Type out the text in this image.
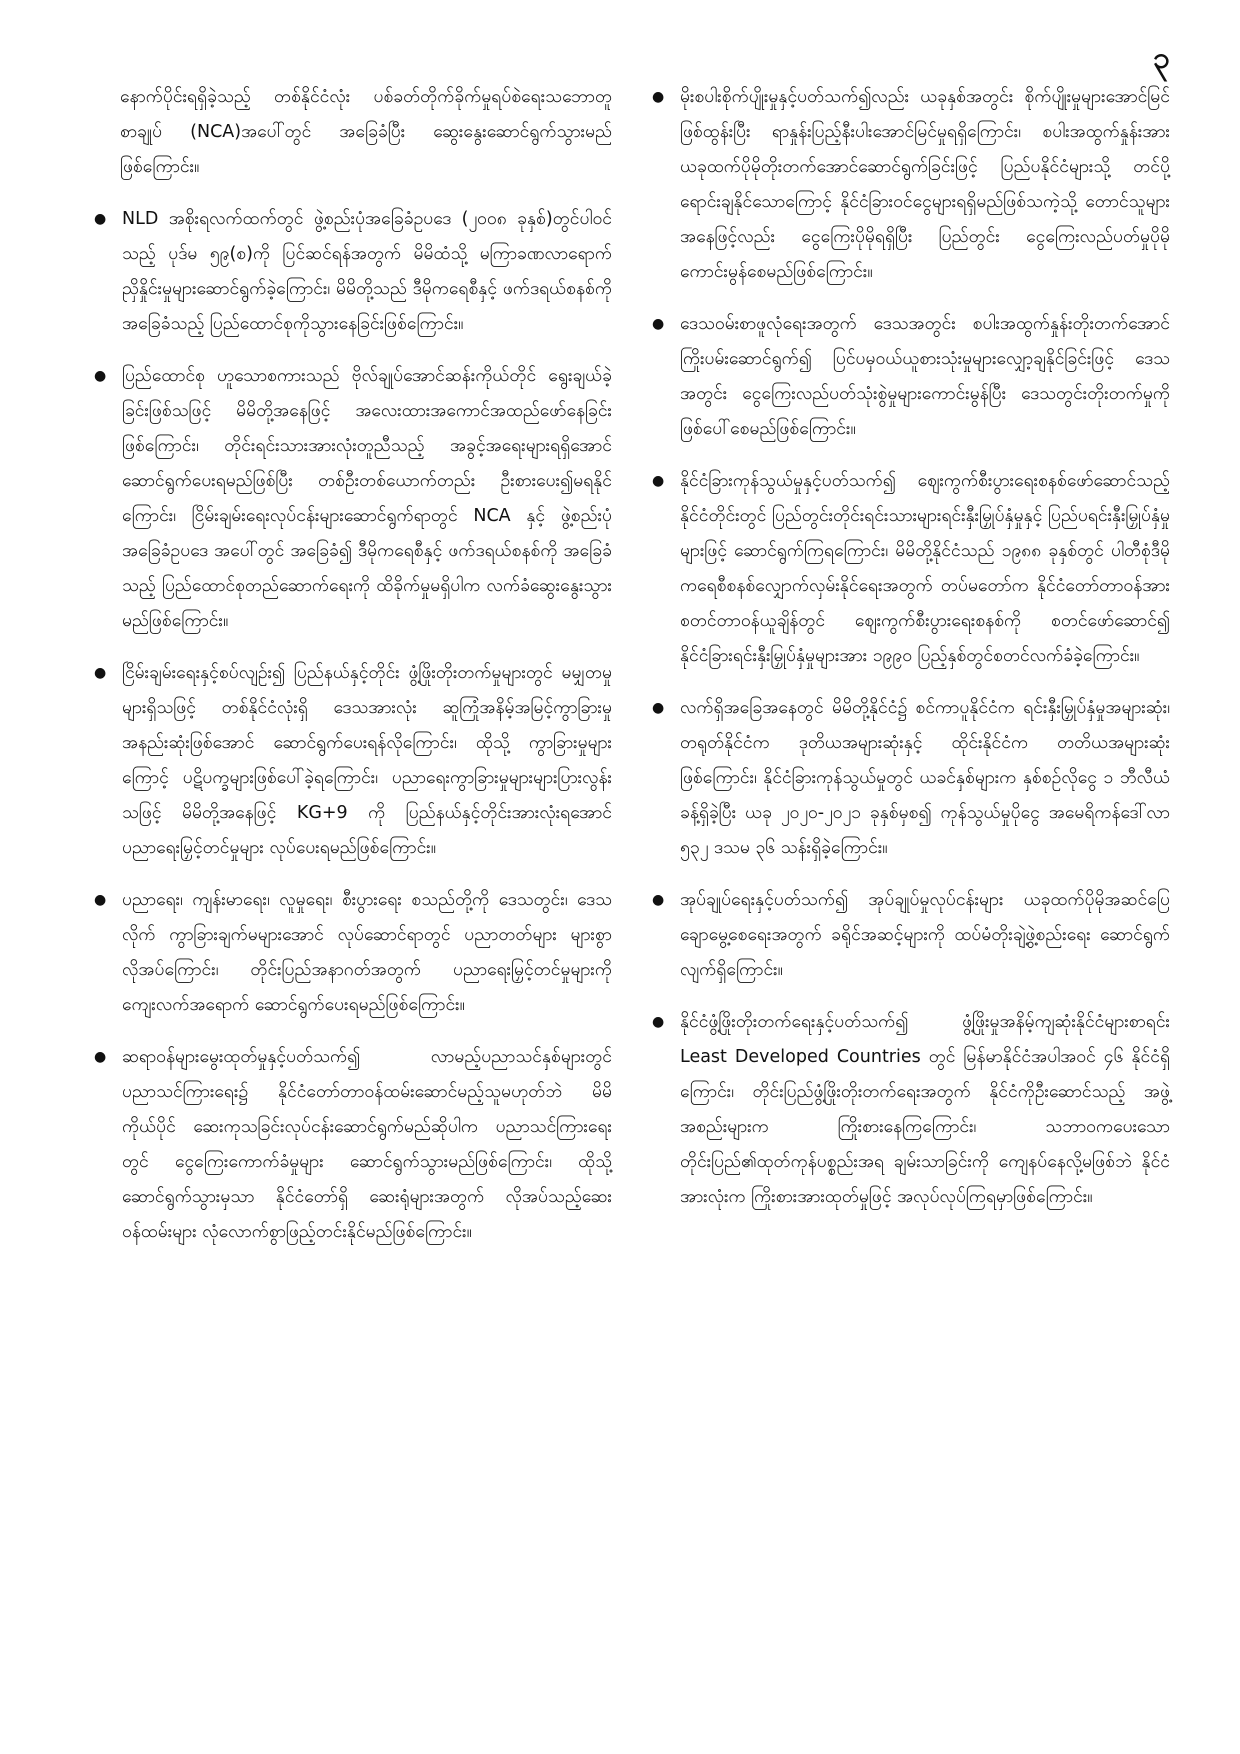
၃

နောက်ပိုင်းရရှိခဲ့သည့် တစ်နိုင်ငံလုံး ပစ်ခတ်တိုက်ခိုက်မှုရပ်စဲရေးသဘောတူစာချုပ် (NCA)အပေါ်တွင် အခြေခံပြီး ဆွေးနွေးဆောင်ရွက်သွားမည်ဖြစ်ကြောင်း။

● NLD အစိုးရလက်ထက်တွင် ဖွဲ့စည်းပုံအခြေခံဥပဒေ (၂၀၀၈ ခုနှစ်)တွင်ပါဝင်သည့် ပုဒ်မ ၅၉(စ)ကို ပြင်ဆင်ရန်အတွက် မိမိထံသို့ မကြာခဏလာရောက်ညှိနှိုင်းမှုများဆောင်ရွက်ခဲ့ကြောင်း၊ မိမိတို့သည် ဒီမိုကရေစီနှင့် ဖက်ဒရယ်စနစ်ကို အခြေခံသည့် ပြည်ထောင်စုကိုသွားနေခြင်းဖြစ်ကြောင်း။
● ပြည်ထောင်စု ဟူသောစကားသည် ဗိုလ်ချုပ်အောင်ဆန်းကိုယ်တိုင် ရွေးချယ်ခဲ့ခြင်းဖြစ်သဖြင့် မိမိတို့အနေဖြင့် အလေးထားအကောင်အထည်ဖော်နေခြင်း ဖြစ်ကြောင်း၊ တိုင်းရင်းသားအားလုံးတူညီသည့် အခွင့်အရေးများရရှိအောင် ဆောင်ရွက်ပေးရမည်ဖြစ်ပြီး တစ်ဦးတစ်ယောက်တည်း ဦးစားပေး၍မရနိုင်ကြောင်း၊ ငြိမ်းချမ်းရေးလုပ်ငန်းများဆောင်ရွက်ရာတွင် NCA နှင့် ဖွဲ့စည်းပုံအခြေခံဥပဒေ အပေါ်တွင် အခြေခံ၍ ဒီမိုကရေစီနှင့် ဖက်ဒရယ်စနစ်ကို အခြေခံသည့် ပြည်ထောင်စုတည်ဆောက်ရေးကို ထိခိုက်မှုမရှိပါက လက်ခံဆွေးနွေးသွားမည်ဖြစ်ကြောင်း။
● ငြိမ်းချမ်းရေးနှင့်စပ်လျဉ်း၍ ပြည်နယ်နှင့်တိုင်း ဖွံ့ဖြိုးတိုးတက်မှုများတွင် မမျှတမှုများရှိသဖြင့် တစ်နိုင်ငံလုံးရှိ ဒေသအားလုံး ဆူကြုံအနိမ့်အမြင့်ကွာခြားမှုအနည်းဆုံးဖြစ်အောင် ဆောင်ရွက်ပေးရန်လိုကြောင်း၊ ထိုသို့ ကွာခြားမှုများကြောင့် ပဋိပက္ခများဖြစ်ပေါ်ခဲ့ရကြောင်း၊ ပညာရေးကွာခြားမှုများများပြားလွန်းသဖြင့် မိမိတို့အနေဖြင့် KG+9 ကို ပြည်နယ်နှင့်တိုင်းအားလုံးရအောင် ပညာရေးမြှင့်တင်မှုများ လုပ်ပေးရမည်ဖြစ်ကြောင်း။
● ပညာရေး၊ ကျန်းမာရေး၊ လူမှုရေး၊ စီးပွားရေး စသည်တို့ကို ဒေသတွင်း၊ ဒေသလိုက် ကွာခြားချက်မများအောင် လုပ်ဆောင်ရာတွင် ပညာတတ်များ များစွာလိုအပ်ကြောင်း၊ တိုင်းပြည်အနာဂတ်အတွက် ပညာရေးမြှင့်တင်မှုများကို ကျေးလက်အရောက် ဆောင်ရွက်ပေးရမည်ဖြစ်ကြောင်း။
● ဆရာဝန်များမွေးထုတ်မှုနှင့်ပတ်သက်၍ လာမည့်ပညာသင်နှစ်များတွင် ပညာသင်ကြားရေး၌ နိုင်ငံတော်တာဝန်ထမ်းဆောင်မည့်သူမဟုတ်ဘဲ မိမိကိုယ်ပိုင် ဆေးကုသခြင်းလုပ်ငန်းဆောင်ရွက်မည်ဆိုပါက ပညာသင်ကြားရေးတွင် ငွေကြေးကောက်ခံမှုများ ဆောင်ရွက်သွားမည်ဖြစ်ကြောင်း၊ ထိုသို့ဆောင်ရွက်သွားမှသာ နိုင်ငံတော်ရှိ ဆေးရုံများအတွက် လိုအပ်သည့်ဆေးဝန်ထမ်းများ လုံလောက်စွာဖြည့်တင်းနိုင်မည်ဖြစ်ကြောင်း။
● မိုးစပါးစိုက်ပျိုးမှုနှင့်ပတ်သက်၍လည်း ယခုနှစ်အတွင်း စိုက်ပျိုးမှုများအောင်မြင်ဖြစ်ထွန်းပြီး ရာနှုန်းပြည့်နီးပါးအောင်မြင်မှုရရှိကြောင်း၊ စပါးအထွက်နှုန်းအား ယခုထက်ပိုမိုတိုးတက်အောင်ဆောင်ရွက်ခြင်းဖြင့် ပြည်ပနိုင်ငံများသို့ တင်ပို့ရောင်းချနိုင်သောကြောင့် နိုင်ငံခြားဝင်ငွေများရရှိမည်ဖြစ်သကဲ့သို့ တောင်သူများအနေဖြင့်လည်း ငွေကြေးပိုမိုရရှိပြီး ပြည်တွင်း ငွေကြေးလည်ပတ်မှုပိုမိုကောင်းမွန်စေမည်ဖြစ်ကြောင်း။
● ဒေသဝမ်းစာဖူလုံရေးအတွက် ဒေသအတွင်း စပါးအထွက်နှုန်းတိုးတက်အောင် ကြိုးပမ်းဆောင်ရွက်၍ ပြင်ပမှဝယ်ယူစားသုံးမှုများလျှော့ချနိုင်ခြင်းဖြင့် ဒေသအတွင်း ငွေကြေးလည်ပတ်သုံးစွဲမှုများကောင်းမွန်ပြီး ဒေသတွင်းတိုးတက်မှုကို ဖြစ်ပေါ်စေမည်ဖြစ်ကြောင်း။
● နိုင်ငံခြားကုန်သွယ်မှုနှင့်ပတ်သက်၍ ဈေးကွက်စီးပွားရေးစနစ်ဖော်ဆောင်သည့် နိုင်ငံတိုင်းတွင် ပြည်တွင်းတိုင်းရင်းသားများရင်းနှီးမြှုပ်နှံမှုနှင့် ပြည်ပရင်းနှီးမြှုပ်နှံမှုများဖြင့် ဆောင်ရွက်ကြရကြောင်း၊ မိမိတို့နိုင်ငံသည် ၁၉၈၈ ခုနှစ်တွင် ပါတီစုံဒီမိုကရေစီစနစ်လျှောက်လှမ်းနိုင်ရေးအတွက် တပ်မတော်က နိုင်ငံတော်တာဝန်အား စတင်တာဝန်ယူချိန်တွင် ဈေးကွက်စီးပွားရေးစနစ်ကို စတင်ဖော်ဆောင်၍ နိုင်ငံခြားရင်းနှီးမြှုပ်နှံမှုများအား ၁၉၉၀ ပြည့်နှစ်တွင်စတင်လက်ခံခဲ့ကြောင်း။
● လက်ရှိအခြေအနေတွင် မိမိတို့နိုင်ငံ၌ စင်ကာပူနိုင်ငံက ရင်းနှီးမြှုပ်နှံမှုအများဆုံး၊ တရုတ်နိုင်ငံက ဒုတိယအများဆုံးနှင့် ထိုင်းနိုင်ငံက တတိယအများဆုံးဖြစ်ကြောင်း၊ နိုင်ငံခြားကုန်သွယ်မှုတွင် ယခင်နှစ်များက နှစ်စဉ်လိုငွေ ၁ ဘီလီယံခန့်ရှိခဲ့ပြီး ယခု ၂၀၂၀-၂၀၂၁ ခုနှစ်မှစ၍ ကုန်သွယ်မှုပိုငွေ အမေရိကန်ဒေါ်လာ ၅၃၂ ဒသမ ၃၆ သန်းရှိခဲ့ကြောင်း။
● အုပ်ချုပ်ရေးနှင့်ပတ်သက်၍ အုပ်ချုပ်မှုလုပ်ငန်းများ ယခုထက်ပိုမိုအဆင်ပြေချောမွေ့စေရေးအတွက် ခရိုင်အဆင့်များကို ထပ်မံတိုးချဲ့ဖွဲ့စည်းရေး ဆောင်ရွက်လျက်ရှိကြောင်း။
● နိုင်ငံဖွံ့ဖြိုးတိုးတက်ရေးနှင့်ပတ်သက်၍ ဖွံ့ဖြိုးမှုအနိမ့်ကျဆုံးနိုင်ငံများစာရင်း Least Developed Countries တွင် မြန်မာနိုင်ငံအပါအဝင် ၄၆ နိုင်ငံရှိကြောင်း၊ တိုင်းပြည်ဖွံ့ဖြိုးတိုးတက်ရေးအတွက် နိုင်ငံကိုဦးဆောင်သည့် အဖွဲ့အစည်းများက ကြိုးစားနေကြကြောင်း၊ သဘာဝကပေးသော တိုင်းပြည်၏ထုတ်ကုန်ပစ္စည်းအရ ချမ်းသာခြင်းကို ကျေနပ်နေလို့မဖြစ်ဘဲ နိုင်ငံအားလုံးက ကြိုးစားအားထုတ်မှုဖြင့် အလုပ်လုပ်ကြရမှာဖြစ်ကြောင်း။
